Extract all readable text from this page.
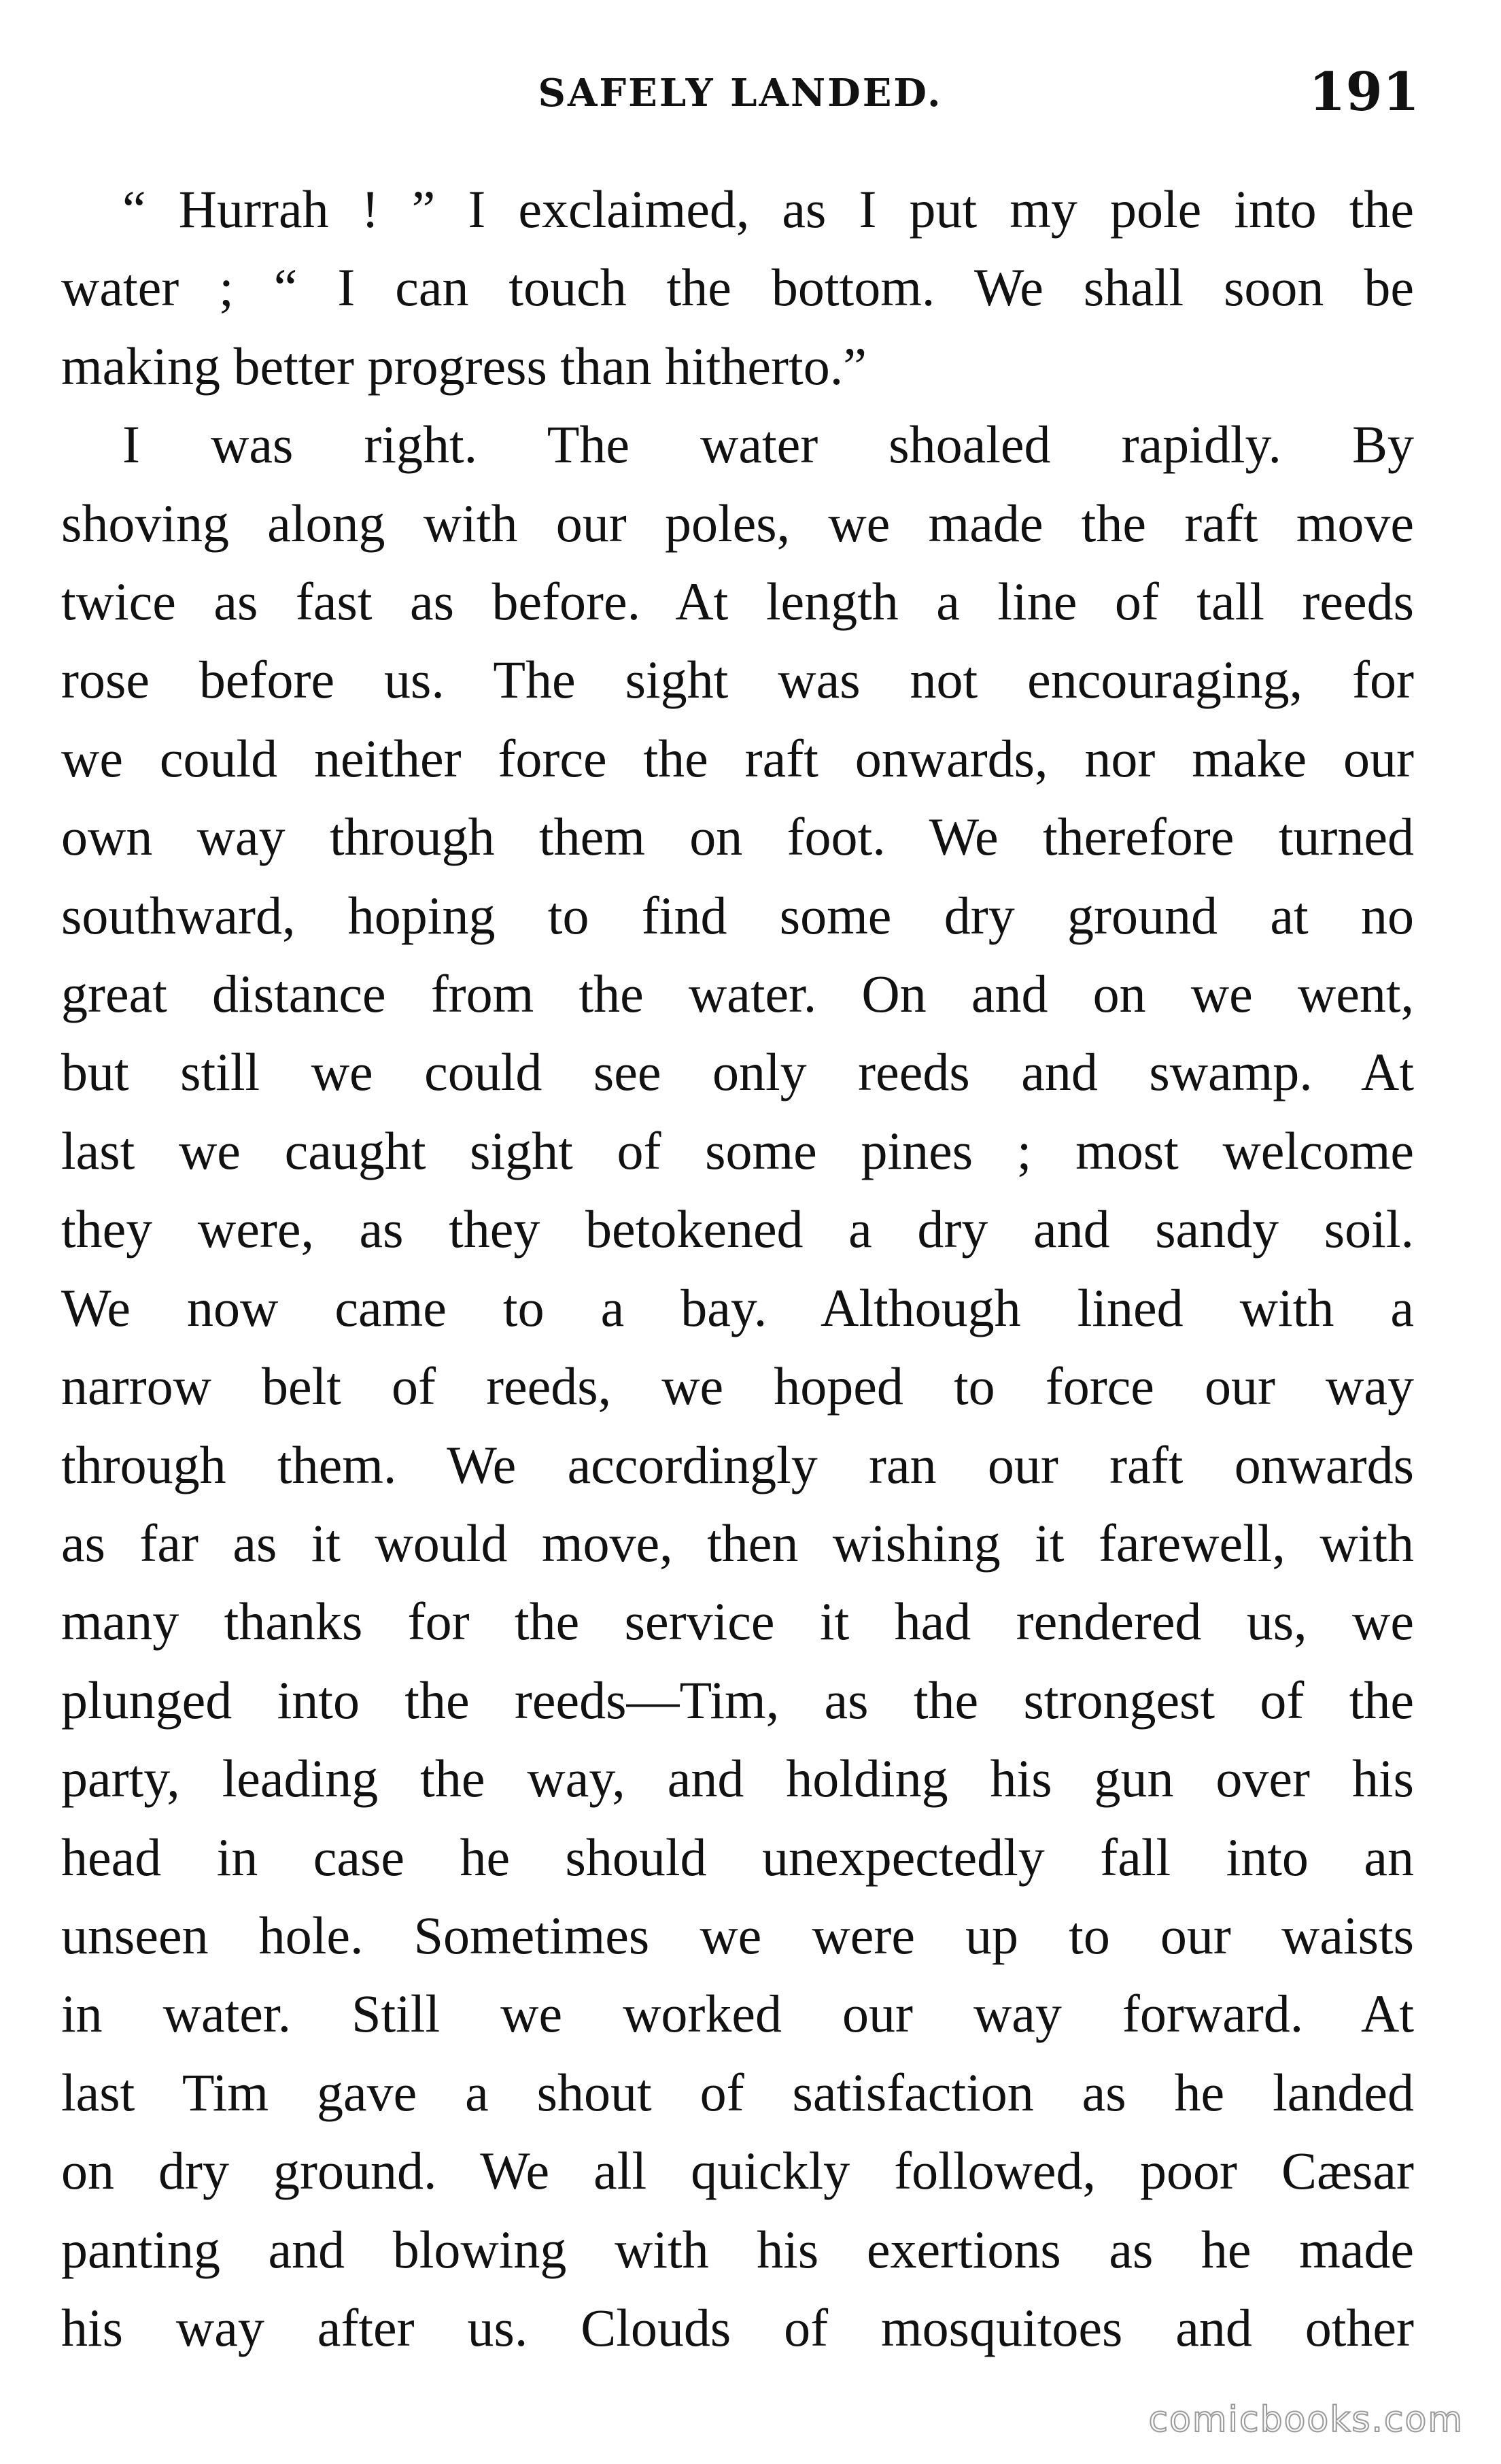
SAFELY LANDED.	191
“ Hurrah ! ” I exclaimed, as I put my pole into the
water ; “ I can touch the bottom. We shall soon be
making better progress than hitherto.”
I was right. The water shoaled rapidly. By
shoving along with our poles, we made the raft move
twice as fast as before. At length a line of tall reeds
rose before us. The sight was not encouraging, for
we could neither force the raft onwards, nor make our
own way through them on foot. We therefore turned
southward, hoping to find some dry ground at no
great distance from the water. On and on we went,
but still we could see only reeds and swamp. At
last we caught sight of some pines ; most welcome
they were, as they betokened a dry and sandy soil.
We now came to a bay. Although lined with a
narrow belt of reeds, we hoped to force our way
through them. We accordingly ran our raft onwards
as far as it would move, then wishing it farewell, with
many thanks for the service it had rendered us, we
plunged into the reeds—Tim, as the strongest of the
party, leading the way, and holding his gun over his
head in case he should unexpectedly fall into an
unseen hole. Sometimes we were up to our waists
in water. Still we worked our way forward. At
last Tim gave a shout of satisfaction as he landed
on dry ground. We all quickly followed, poor Cæsar
panting and blowing with his exertions as he made
his way after us. Clouds of mosquitoes and other
comicbooks.com
